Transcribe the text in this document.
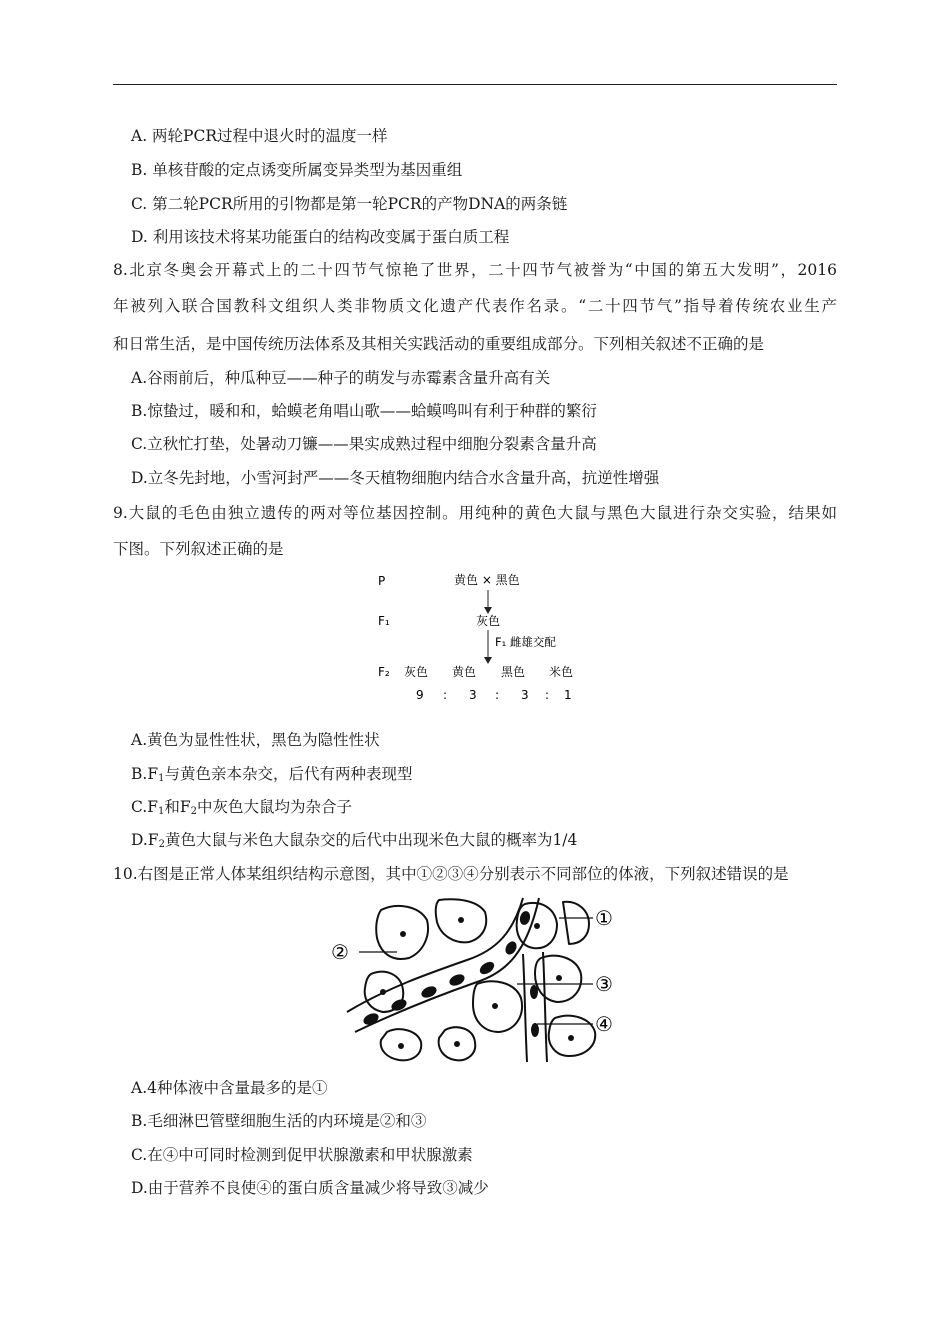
A. 两轮PCR过程中退火时的温度一样
B. 单核苷酸的定点诱变所属变异类型为基因重组
C. 第二轮PCR所用的引物都是第一轮PCR的产物DNA的两条链
D. 利用该技术将某功能蛋白的结构改变属于蛋白质工程
8.北京冬奥会开幕式上的二十四节气惊艳了世界，二十四节气被誉为“中国的第五大发明”，2016
年被列入联合国教科文组织人类非物质文化遗产代表作名录。“二十四节气”指导着传统农业生产
和日常生活，是中国传统历法体系及其相关实践活动的重要组成部分。下列相关叙述不正确的是
A.谷雨前后，种瓜种豆——种子的萌发与赤霉素含量升高有关
B.惊蛰过，暖和和，蛤蟆老角唱山歌——蛤蟆鸣叫有利于种群的繁衍
C.立秋忙打垫，处暑动刀镰——果实成熟过程中细胞分裂素含量升高
D.立冬先封地，小雪河封严——冬天植物细胞内结合水含量升高，抗逆性增强
9.大鼠的毛色由独立遗传的两对等位基因控制。用纯种的黄色大鼠与黑色大鼠进行杂交实验，结果如
下图。下列叙述正确的是
P	黄色 × 黑色
F₁	灰色
F₁ 雌雄交配
F₂ 灰色 黄色 黑色 米色
9 : 3 : 3 : 1
A.黄色为显性性状，黑色为隐性性状
$B.F_1$与黄色亲本杂交，后代有两种表现型
$C.F_1$和$F_2$中灰色大鼠均为杂合子
$D.F_2$黄色大鼠与米色大鼠杂交的后代中出现米色大鼠的概率为1/4
10.右图是正常人体某组织结构示意图，其中①②③④分别表示不同部位的体液，下列叙述错误的是
①
②
③
④
A.4种体液中含量最多的是①
B.毛细淋巴管壁细胞生活的内环境是②和③
C.在④中可同时检测到促甲状腺激素和甲状腺激素
D.由于营养不良使④的蛋白质含量减少将导致③减少
